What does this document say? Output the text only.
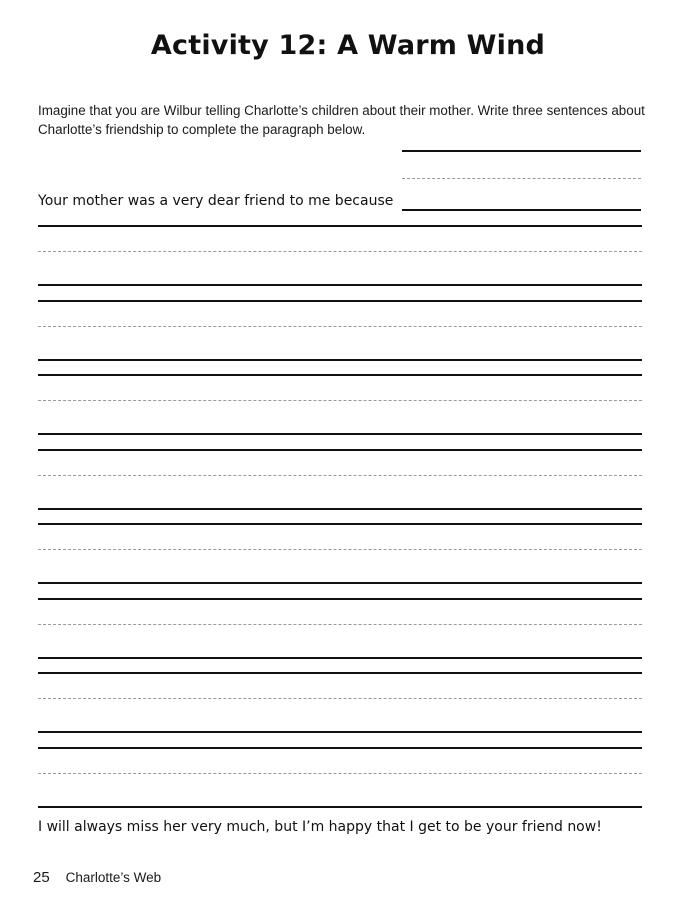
Activity 12: A Warm Wind
Imagine that you are Wilbur telling Charlotte’s children about their mother. Write three sentences about Charlotte’s friendship to complete the paragraph below.
Your mother was a very dear friend to me because
I will always miss her very much, but I’m happy that I get to be your friend now!
25 Charlotte’s Web
